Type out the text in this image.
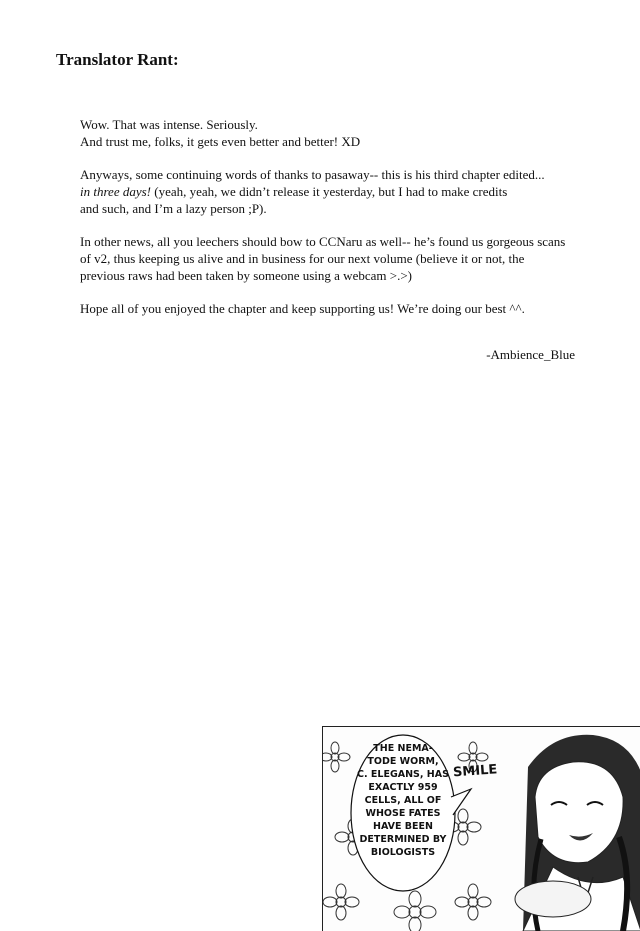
Translator Rant:

Wow. That was intense. Seriously.
And trust me, folks, it gets even better and better! XD

Anyways, some continuing words of thanks to pasaway-- this is his third chapter edited...
in three days! (yeah, yeah, we didn’t release it yesterday, but I had to make credits
and such, and I’m a lazy person ;P).

In other news, all you leechers should bow to CCNaru as well-- he’s found us gorgeous scans
of v2, thus keeping us alive and in business for our next volume (believe it or not, the
previous raws had been taken by someone using a webcam >.>)

Hope all of you enjoyed the chapter and keep supporting us! We’re doing our best ^^.

-Ambience_Blue
THE NEMA-
TODE WORM,
C. ELEGANS, HAS
EXACTLY 959
CELLS, ALL OF
WHOSE FATES
HAVE BEEN
DETERMINED BY
BIOLOGISTS
SMILE
